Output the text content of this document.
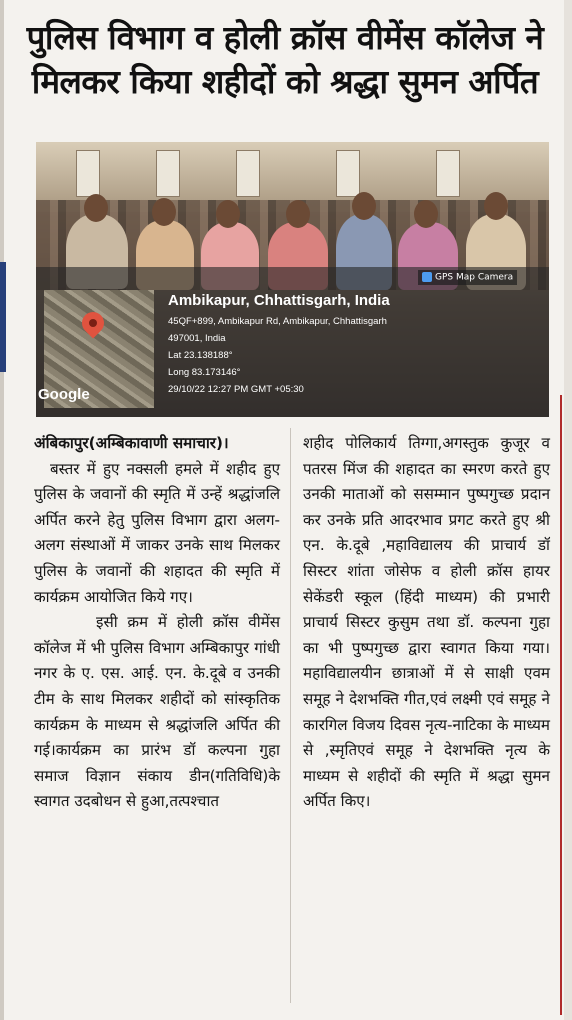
पुलिस विभाग व होली क्रॉस वीमेंस कॉलेज ने
मिलकर किया शहीदों को श्रद्धा सुमन अर्पित
Google
GPS Map Camera
Ambikapur, Chhattisgarh, India
45QF+899, Ambikapur Rd, Ambikapur, Chhattisgarh
497001, India
Lat 23.138188°
Long 83.173146°
29/10/22 12:27 PM GMT +05:30
अंबिकापुर(अम्बिकावाणी समाचार)।
बस्तर में हुए नक्सली हमले में शहीद हुए पुलिस के जवानों की स्मृति में उन्हें श्रद्धांजलि अर्पित करने हेतु पुलिस विभाग द्वारा अलग-अलग संस्थाओं में जाकर उनके साथ मिलकर पुलिस के जवानों की शहादत की स्मृति में कार्यक्रम आयोजित किये गए।
इसी क्रम में होली क्रॉस वीमेंस कॉलेज में भी पुलिस विभाग अम्बिकापुर गांधी नगर के ए. एस. आई. एन. के.दूबे व उनकी टीम के साथ मिलकर शहीदों को सांस्कृतिक कार्यक्रम के माध्यम से श्रद्धांजलि अर्पित की गई।कार्यक्रम का प्रारंभ डॉ कल्पना गुहा समाज विज्ञान संकाय डीन(गतिविधि)के स्वागत उदबोधन से हुआ,तत्पश्चात
शहीद पोलिकार्य तिग्गा,अगस्तुक कुजूर व पतरस मिंज की शहादत का स्मरण करते हुए उनकी माताओं को ससम्मान पुष्पगुच्छ प्रदान कर उनके प्रति आदरभाव प्रगट करते हुए श्री एन. के.दूबे ,महाविद्यालय की प्राचार्य डॉ सिस्टर शांता जोसेफ व होली क्रॉस हायर सेकेंडरी स्कूल (हिंदी माध्यम) की प्रभारी प्राचार्य सिस्टर कुसुम तथा डॉ. कल्पना गुहा का भी पुष्पगुच्छ द्वारा स्वागत किया गया।महाविद्यालयीन छात्राओं में से साक्षी एवम समूह ने देशभक्ति गीत,एवं लक्ष्मी एवं समूह ने कारगिल विजय दिवस नृत्य-नाटिका के माध्यम से ,स्मृतिएवं समूह ने देशभक्ति नृत्य के माध्यम से शहीदों की स्मृति में श्रद्धा सुमन अर्पित किए।
